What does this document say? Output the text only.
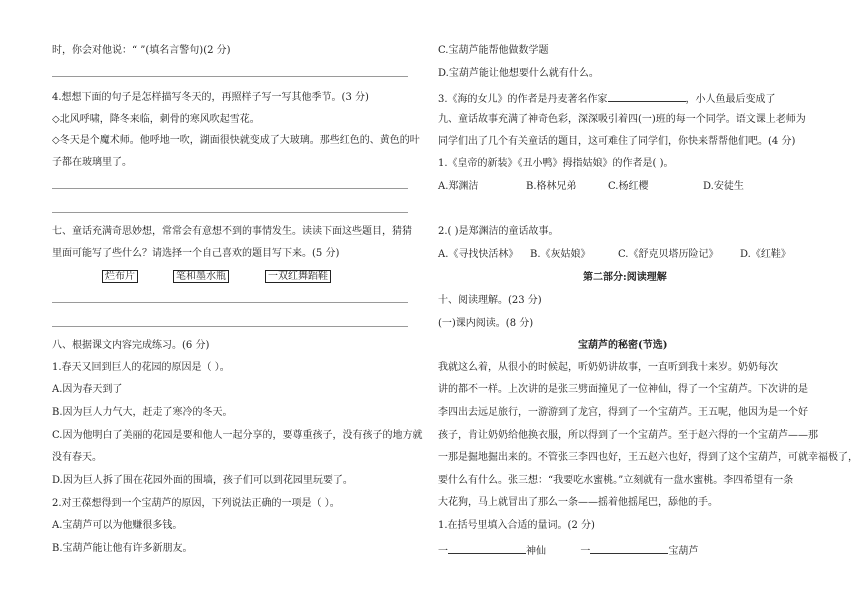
时，你会对他说：“ ”(填名言警句)(2 分)
4.想想下面的句子是怎样描写冬天的，再照样子写一写其他季节。(3 分)
◇北风呼啸，降冬来临，刺骨的寒风吹起雪花。
◇冬天是个魔术师。他呼地一吹，湖面很快就变成了大玻璃。那些红色的、黄色的叶
子都在玻璃里了。
七、童话充满奇思妙想，常常会有意想不到的事情发生。读读下面这些题目，猜猜
里面可能写了些什么？请选择一个自己喜欢的题目写下来。(5 分)
烂布片	笔和墨水瓶	一双红舞蹈鞋
八、根据课文内容完成练习。(6 分)
1.春天又回到巨人的花园的原因是（ ）。
A.因为春天到了
B.因为巨人力气大，赶走了寒冷的冬天。
C.因为他明白了美丽的花园是要和他人一起分享的，要尊重孩子，没有孩子的地方就
没有春天。
D.因为巨人拆了围在花园外面的围墙，孩子们可以到花园里玩要了。
2.对王葆想得到一个宝葫芦的原因，下列说法正确的一项是（ ）。
A.宝葫芦可以为他赚很多钱。
B.宝葫芦能让他有许多新朋友。
C.宝葫芦能帮他做数学题
D.宝葫芦能让他想要什么就有什么。
3.《海的女儿》的作者是丹麦著名作家	，小人鱼最后变成了
九、童话故事充满了神奇色彩，深深吸引着四(一)班的每一个同学。语文课上老师为
同学们出了几个有关童话的题目，这可难住了同学们，你快来帮帮他们吧。(4 分)
1.《皇帝的新装》《丑小鸭》拇指姑娘》的作者是( )。
A.郑渊洁	B.格林兄弟	C.杨红樱	D.安徒生
2.( )是郑渊洁的童话故事。
A.《寻找快活林》 B.《灰姑娘》	C.《舒克贝塔历险记》 D.《红鞋》
第二部分:阅读理解
十、阅读理解。(23 分)
(一)课内阅读。(8 分)
宝葫芦的秘密(节选)
我就这么着，从很小的时候起，听奶奶讲故事，一直听到我十来岁。奶奶每次
讲的都不一样。上次讲的是张三劈面撞见了一位神仙，得了一个宝葫芦。下次讲的是
李四出去远足旅行，一游游到了龙宫，得到了一个宝葫芦。王五呢，他因为是一个好
孩子，肯让奶奶给他换衣服，所以得到了一个宝葫芦。至于赵六得的一个宝葫芦——那
一那是掘地掘出来的。不管张三李四也好，王五赵六也好，得到了这个宝葫芦，可就幸福极了，
要什么有什么。张三想：“我要吃水蜜桃。”立刻就有一盘水蜜桃。李四希望有一条
大花狗，马上就冒出了那么一条——摇着他摇尾巴，舔他的手。
1.在括号里填入合适的量词。(2 分)
一	神仙	一	宝葫芦
